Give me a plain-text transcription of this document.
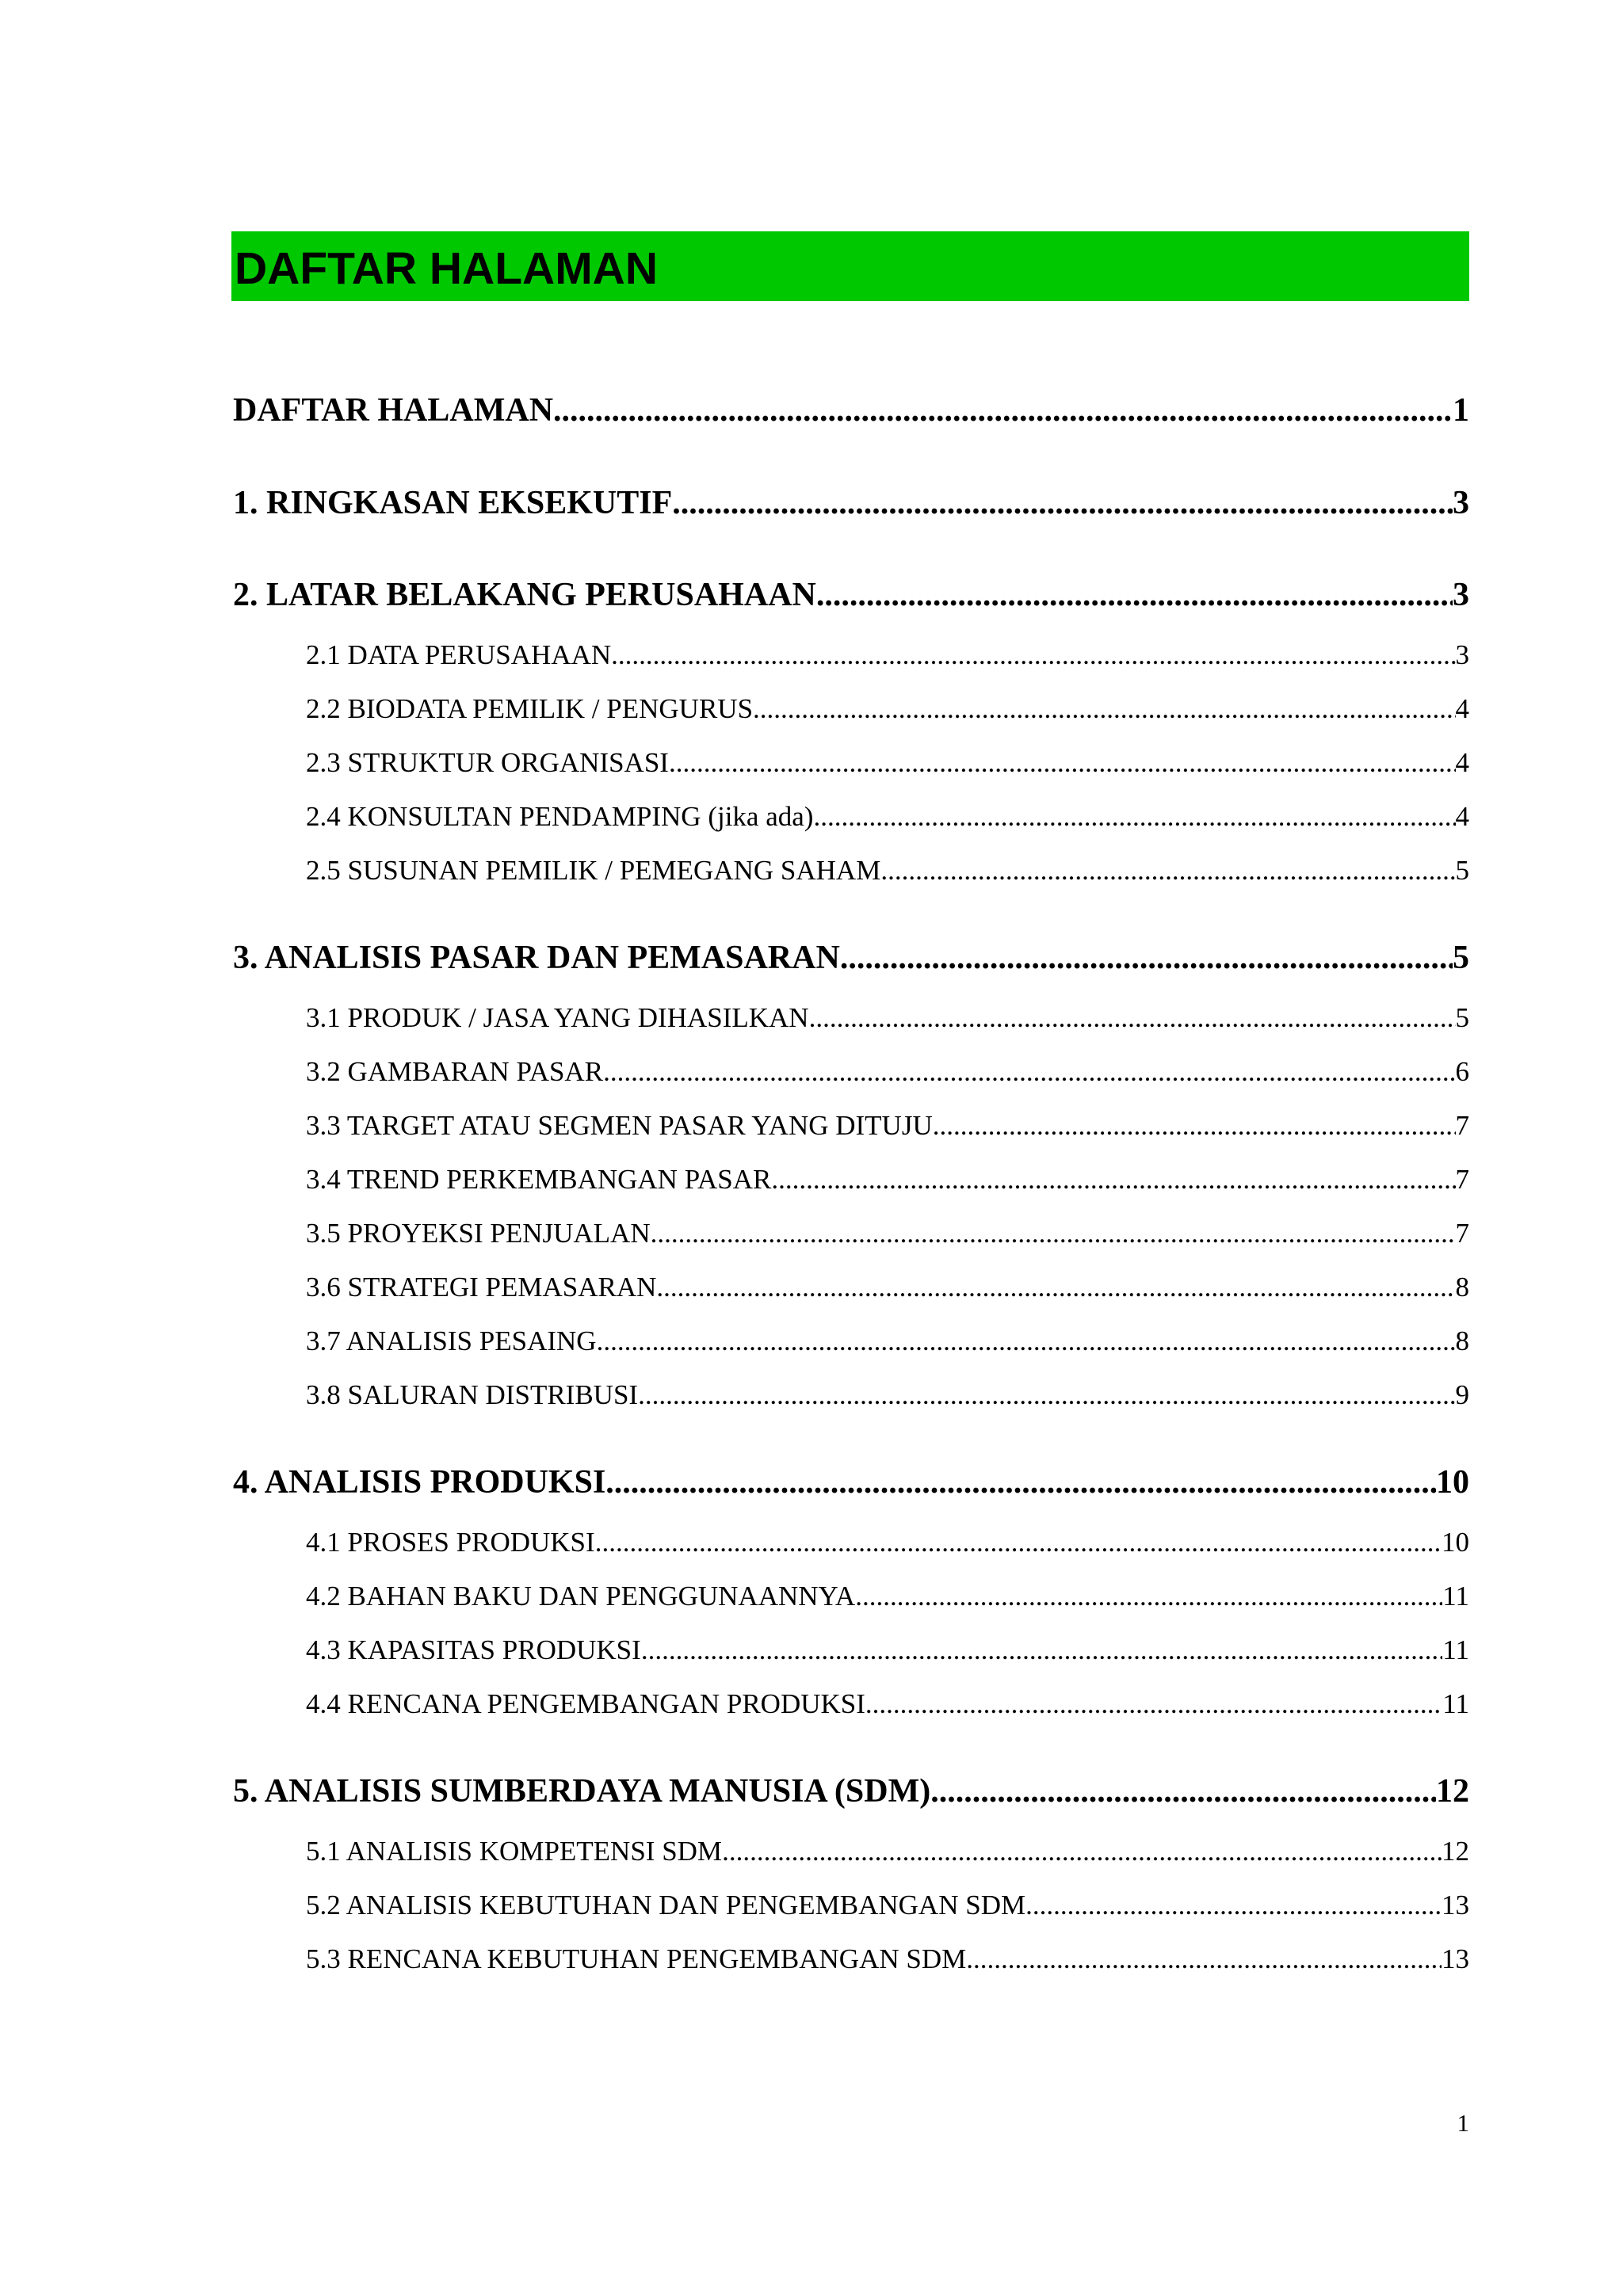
DAFTAR HALAMAN
DAFTAR HALAMAN .....	1
1. RINGKASAN EKSEKUTIF .....	3
2. LATAR BELAKANG PERUSAHAAN .....	3
2.1 DATA PERUSAHAAN .....	3
2.2 BIODATA PEMILIK / PENGURUS .....	4
2.3 STRUKTUR ORGANISASI .....	4
2.4 KONSULTAN PENDAMPING (jika ada) .....	4
2.5 SUSUNAN PEMILIK / PEMEGANG SAHAM .....	5
3. ANALISIS PASAR DAN PEMASARAN .....	5
3.1 PRODUK / JASA YANG DIHASILKAN .....	5
3.2 GAMBARAN PASAR .....	6
3.3 TARGET ATAU SEGMEN PASAR YANG DITUJU .....	7
3.4 TREND PERKEMBANGAN PASAR .....	7
3.5 PROYEKSI PENJUALAN .....	7
3.6 STRATEGI PEMASARAN .....	8
3.7 ANALISIS PESAING .....	8
3.8 SALURAN DISTRIBUSI .....	9
4. ANALISIS PRODUKSI .....	10
4.1 PROSES PRODUKSI .....	10
4.2 BAHAN BAKU DAN PENGGUNAANNYA .....	11
4.3 KAPASITAS PRODUKSI .....	11
4.4 RENCANA PENGEMBANGAN PRODUKSI .....	11
5. ANALISIS SUMBERDAYA MANUSIA (SDM) .....	12
5.1 ANALISIS KOMPETENSI SDM .....	12
5.2 ANALISIS KEBUTUHAN DAN PENGEMBANGAN SDM .....	13
5.3 RENCANA KEBUTUHAN PENGEMBANGAN SDM .....	13
1
